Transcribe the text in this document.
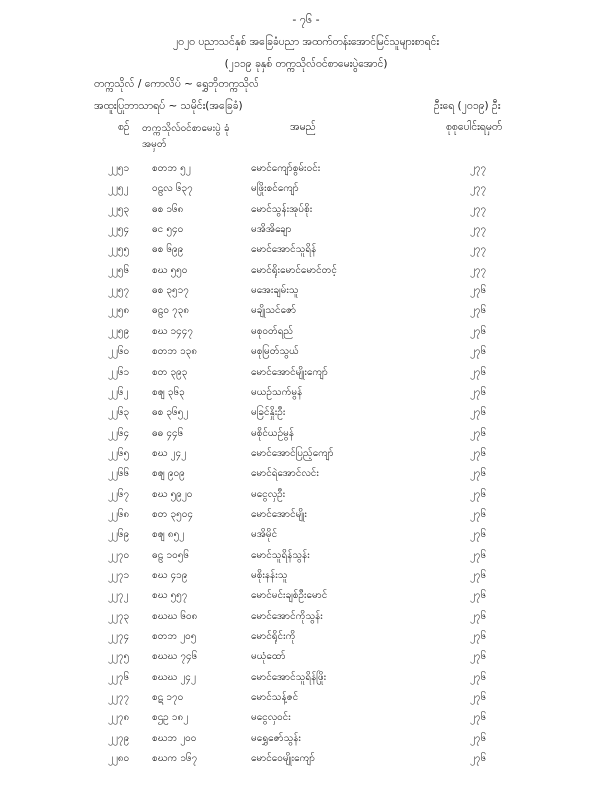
- ၇၆ -
၂၀၂၀ ပညာသင်နှစ် အခြေခံပညာ အထက်တန်းအောင်မြင်သူများစာရင်း
(၂၁၁၉ ခုနှစ် တက္ကသိုလ်ဝင်စာမေးပွဲအောင်)
တက္ကသိုလ် / ကောလိပ် ~ ရွှေဘိုတက္ကသိုလ်
အထူးပြုဘာသာရပ် ~ သမိုင်း(အခြေခံ)	ဦးရေ (၂၀၁၉) ဦး
စဉ် တက္ကသိုလ်ဝင်စာမေးပွဲ ခုံအမှတ်
အမည်	စုစုပေါင်းရမှတ်
၂၂၅၁ စတဘ ၅၂	မောင်ကျော်စွမ်းဝင်း	၂၇၇
၂၂၅၂ ဝဠလ ၆၃၇	မဖြိုးစင်ကျော်	၂၇၇
၂၂၅၃ ဓစ ၁၆၈	မောင်သွန်းအုပ်စိုး	၂၇၇
၂၂၅၄ ဓင ၅၄၀	မအိအိချော	၂၇၇
၂၂၅၅ ဓစ ၆၉၉	မောင်အောင်သူရိန်	၂၇၇
၂၂၅၆ စဃ ၅၅၀	မောင်ရိုးမောင်မောင်တင့်	၂၇၇
၂၂၅၇ ဓစ ၃၅၁၇	မအေးချမ်းသူ	၂၇၆
၂၂၅၈ ဓဠ၀ ၇၃၈	မချိုသင်ဇော်	၂၇၆
၂၂၅၉ စဃ ၁၄၄၇	မစုဝတ်ရည်	၂၇၆
၂၂၆၀ စတဘ ၁၃၈	မစုမြတ်သွယ်	၂၇၆
၂၂၆၁ စတ ၃၉၃	မောင်အောင်မျိုးကျော်	၂၇၆
၂၂၆၂ စၛ ၃၆၃	မယဉ်သက်မွန်	၂၇၆
၂၂၆၃ ဓစ ၃၆၅၂	မခြင်နှိုးဦး	၂၇၆
၂၂၆၄ ဓဓ ၄၄၆	မစိုင်ယဉ်မွန်	၂၇၆
၂၂၆၅ စဃ ၂၄၂	မောင်အောင်ပြည့်ကျော်	၂၇၆
၂၂၆၆ စၛ ၉၀၉	မောင်ရဲအောင်လင်း	၂၇၆
၂၂၆၇ စဃ ၅၉၂၀	မငွေလှဦး	၂၇၆
၂၂၆၈ စတ ၃၅၀၄	မောင်အောင်မျိုး	၂၇၆
၂၂၆၉ စၛ ၈၅၂	မအိမိုင်	၂၇၆
၂၂၇၀ ဓဠ ၁၀၅၆	မောင်သူရိန်သွန်း	၂၇၆
၂၂၇၁ စဃ ၄၁၉	မစိုးနန်းသူ	၂၇၆
၂၂၇၂ စဃ ၅၅၇	မောင်မင်းချစ်ဦးမောင်	၂၇၆
၂၂၇၃ စဃဃ ၆၀၈	မောင်အောင်ကိုသွန်း	၂၇၆
၂၂၇၄ စတဘ ၂၀၅	မောင်ရိုင်းကို	၂၇၆
၂၂၇၅ စဃဃ ၇၄၆	မယုံထော်	၂၇၆
၂၂၇၆ စဃဃ ၂၄၂	မောင်အောင်သူရိန်ဖြိုး	၂၇၆
၂၂၇၇ စဋ ၁၇၀	မောင်သန့်ဇင်	၂၇၆
၂၂၇၈ စဌဥ ၁၈၂	မငွေလှဝင်း	၂၇၆
၂၂၇၉ စဃဘ ၂၀၀	မရွှေဇော်သွန်း	၂၇၆
၂၂၈၀ စဃက ၁၆၇	မောင်ဝေမျိုးကျော်	၂၇၆
